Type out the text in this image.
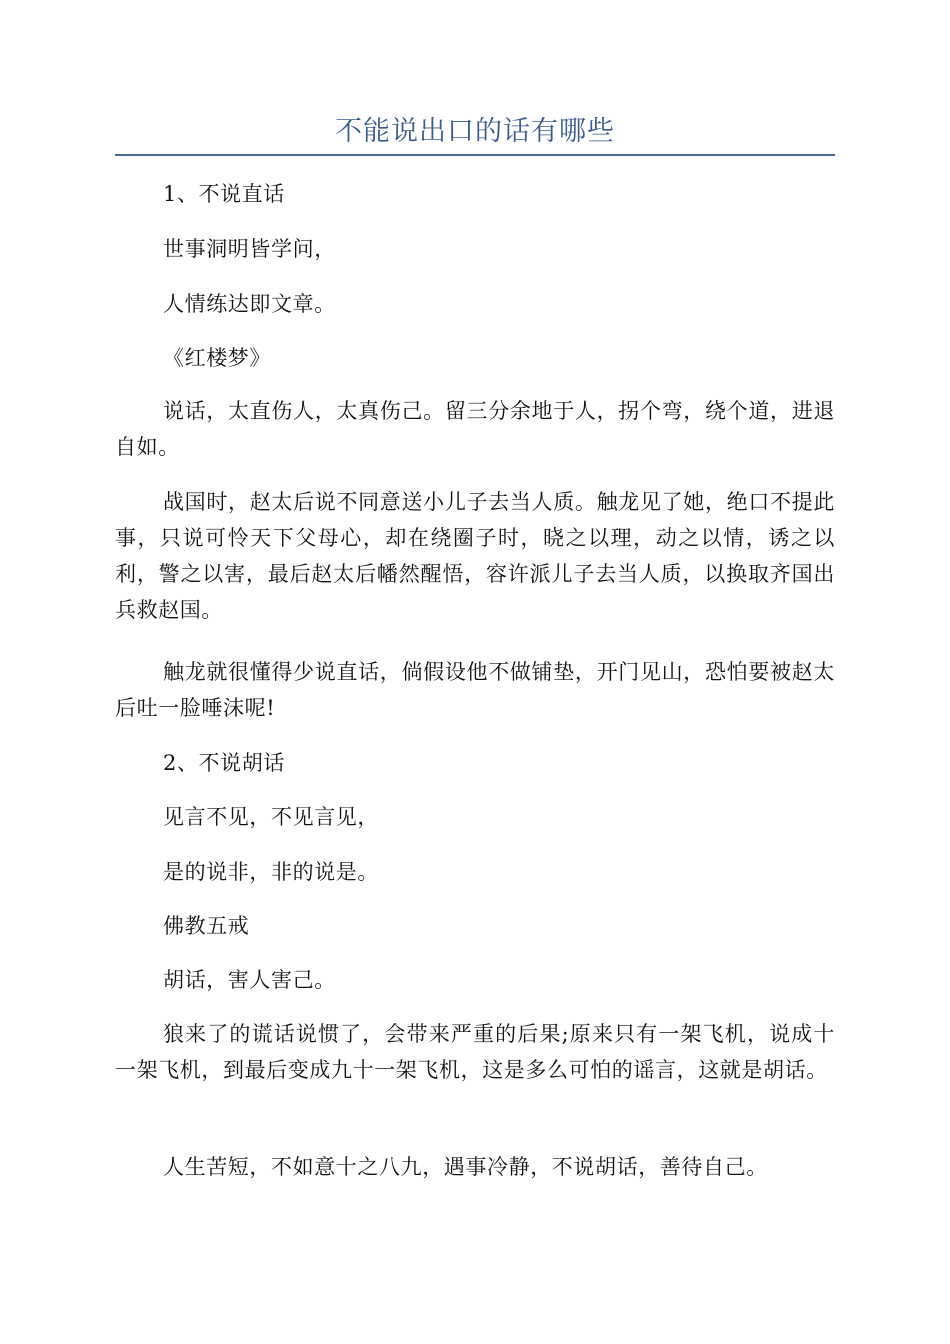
不能说出口的话有哪些

1、不说直话

世事洞明皆学问，

人情练达即文章。

《红楼梦》

说话，太直伤人，太真伤己。留三分余地于人，拐个弯，绕个道，进退自如。

战国时，赵太后说不同意送小儿子去当人质。触龙见了她，绝口不提此事，只说可怜天下父母心，却在绕圈子时，晓之以理，动之以情，诱之以利，警之以害，最后赵太后幡然醒悟，容许派儿子去当人质，以换取齐国出兵救赵国。

触龙就很懂得少说直话，倘假设他不做铺垫，开门见山，恐怕要被赵太后吐一脸唾沫呢!

2、不说胡话

见言不见，不见言见，

是的说非，非的说是。

佛教五戒

胡话，害人害己。

狼来了的谎话说惯了，会带来严重的后果;原来只有一架飞机，说成十一架飞机，到最后变成九十一架飞机，这是多么可怕的谣言，这就是胡话。

人生苦短，不如意十之八九，遇事冷静，不说胡话，善待自己。
